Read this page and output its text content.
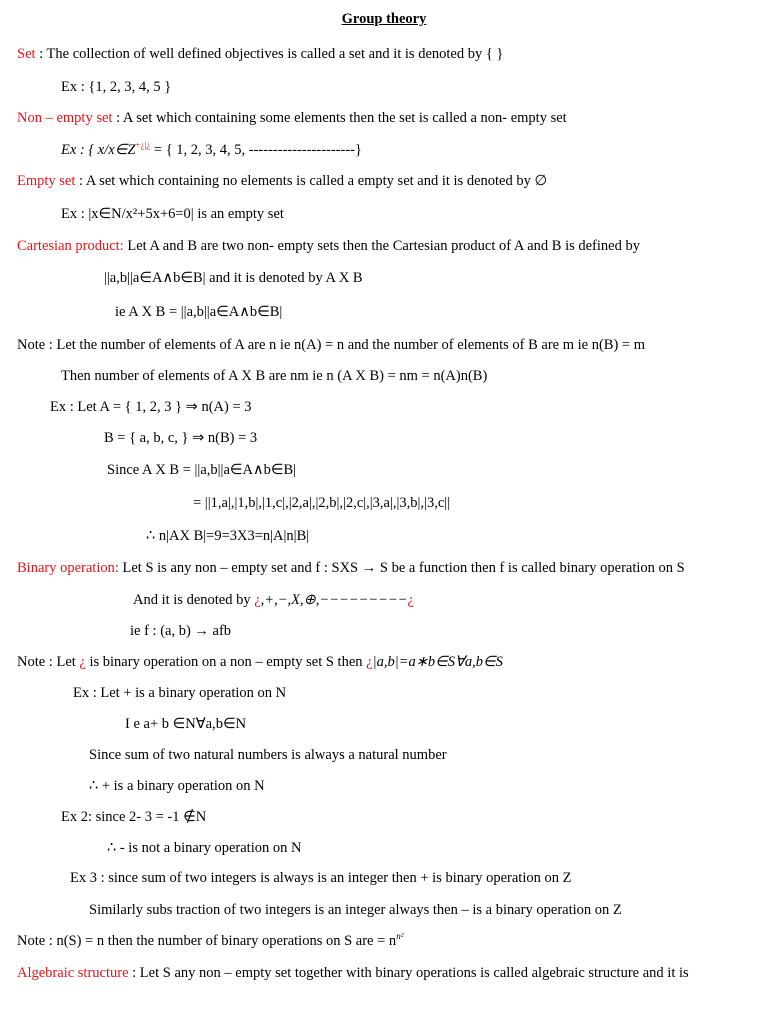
Group theory
Set : The collection of well defined objectives is called a set and it is denoted by { }
Ex : {1, 2, 3, 4, 5 }
Non – empty set : A set which containing some elements then the set is called a non- empty set
Ex : { x/x∈Z+¿|¿ = { 1, 2, 3, 4, 5, ----------------------}
Empty set : A set which containing no elements is called a empty set and it is denoted by ∅
Ex : |x∈N/x²+5x+6=0| is an empty set
Cartesian product: Let A and B are two non- empty sets then the Cartesian product of A and B is defined by
||a,b||a∈A∧b∈B| and it is denoted by A X B
ie A X B = ||a,b||a∈A∧b∈B|
Note : Let the number of elements of A are n ie n(A) = n and the number of elements of B are m ie n(B) = m
Then number of elements of A X B are nm ie n (A X B) = nm = n(A)n(B)
Ex : Let A = { 1, 2, 3 } ⇒ n(A) = 3
B = { a, b, c, } ⇒ n(B) = 3
Since A X B = ||a,b||a∈A∧b∈B|
= ||1,a|,|1,b|,|1,c|,|2,a|,|2,b|,|2,c|,|3,a|,|3,b|,|3,c||
∴ n|AX B|=9=3X3=n|A|n|B|
Binary operation: Let S is any non – empty set and f : SXS → S be a function then f is called binary operation on S
And it is denoted by ¿,+,−,X,⊕,−−−−−−−−−¿
ie f : (a, b) → afb
Note : Let ¿ is binary operation on a non – empty set S then ¿|a,b|=a∗b∈S∀a,b∈S
Ex : Let + is a binary operation on N
I e a+ b ∈N∀a,b∈N
Since sum of two natural numbers is always a natural number
∴ + is a binary operation on N
Ex 2: since 2- 3 = -1 ∉N
∴ - is not a binary operation on N
Ex 3 : since sum of two integers is always is an integer then + is binary operation on Z
Similarly subs traction of two integers is an integer always then – is a binary operation on Z
Note : n(S) = n then the number of binary operations on S are = $n^{n^2}$
Algebraic structure : Let S any non – empty set together with binary operations is called algebraic structure and it is
